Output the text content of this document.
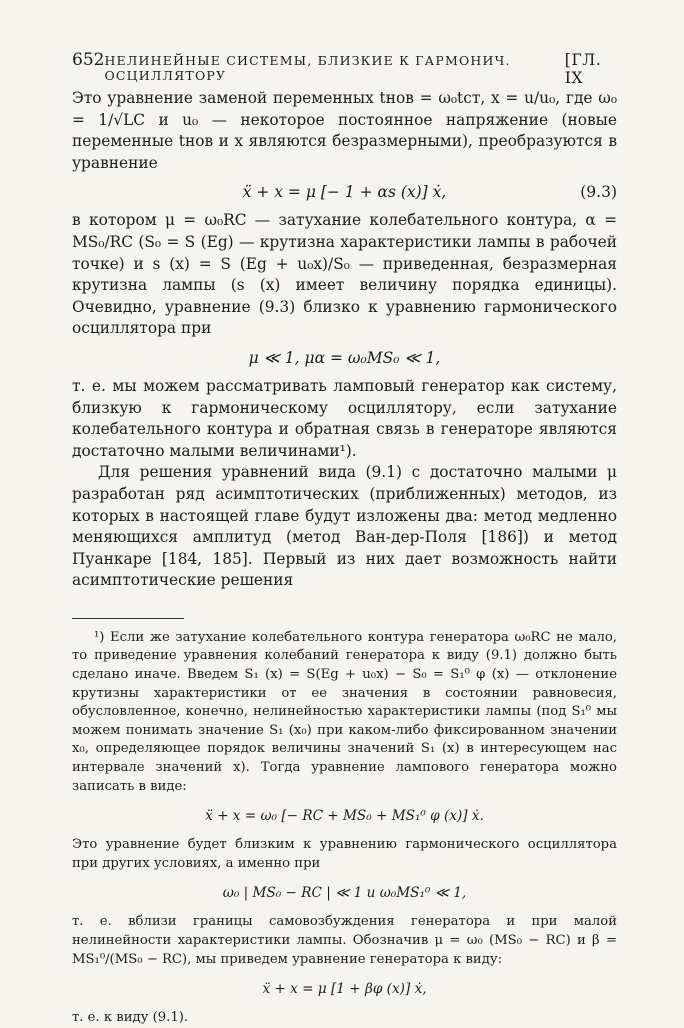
652 НЕЛИНЕЙНЫЕ СИСТЕМЫ, БЛИЗКИЕ К ГАРМОНИЧ. ОСЦИЛЛЯТОРУ
[ГЛ. IX

Это уравнение заменой переменных tнов = ω₀tст, x = u/u₀, где ω₀ = 1/√LC и u₀ — некоторое постоянное напряжение (новые переменные tнов и x являются безразмерными), преобразуются в уравнение

ẍ + x = μ [− 1 + αs (x)] ẋ,	(9.3)

в котором μ = ω₀RC — затухание колебательного контура, α = MS₀/RC (S₀ = S (Eg) — крутизна характеристики лампы в рабочей точке) и s (x) = S (Eg + u₀x)/S₀ — приведенная, безразмерная крутизна лампы (s (x) имеет величину порядка единицы). Очевидно, уравнение (9.3) близко к уравнению гармонического осциллятора при

μ ≪ 1, μα = ω₀MS₀ ≪ 1,

т. е. мы можем рассматривать ламповый генератор как систему, близкую к гармоническому осциллятору, если затухание колебательного контура и обратная связь в генераторе являются достаточно малыми величинами¹).

Для решения уравнений вида (9.1) с достаточно малыми μ разработан ряд асимптотических (приближенных) методов, из которых в настоящей главе будут изложены два: метод медленно меняющихся амплитуд (метод Ван-дер-Поля [186]) и метод Пуанкаре [184, 185]. Первый из них дает возможность найти асимптотические решения

¹) Если же затухание колебательного контура генератора ω₀RC не мало, то приведение уравнения колебаний генератора к виду (9.1) должно быть сделано иначе. Введем S₁ (x) = S(Eg + u₀x) − S₀ = S₁⁰ φ (x) — отклонение крутизны характеристики от ее значения в состоянии равновесия, обусловленное, конечно, нелинейностью характеристики лампы (под S₁⁰ мы можем понимать значение S₁ (x₀) при каком-либо фиксированном значении x₀, определяющее порядок величины значений S₁ (x) в интересующем нас интервале значений x). Тогда уравнение лампового генератора можно записать в виде:

ẍ + x = ω₀ [− RC + MS₀ + MS₁⁰ φ (x)] ẋ.

Это уравнение будет близким к уравнению гармонического осциллятора при других условиях, а именно при

ω₀ | MS₀ − RC | ≪ 1 и ω₀MS₁⁰ ≪ 1,

т. е. вблизи границы самовозбуждения генератора и при малой нелинейности характеристики лампы. Обозначив μ = ω₀ (MS₀ − RC) и β = MS₁⁰/(MS₀ − RC), мы приведем уравнение генератора к виду:

ẍ + x = μ [1 + βφ (x)] ẋ,

т. е. к виду (9.1).
